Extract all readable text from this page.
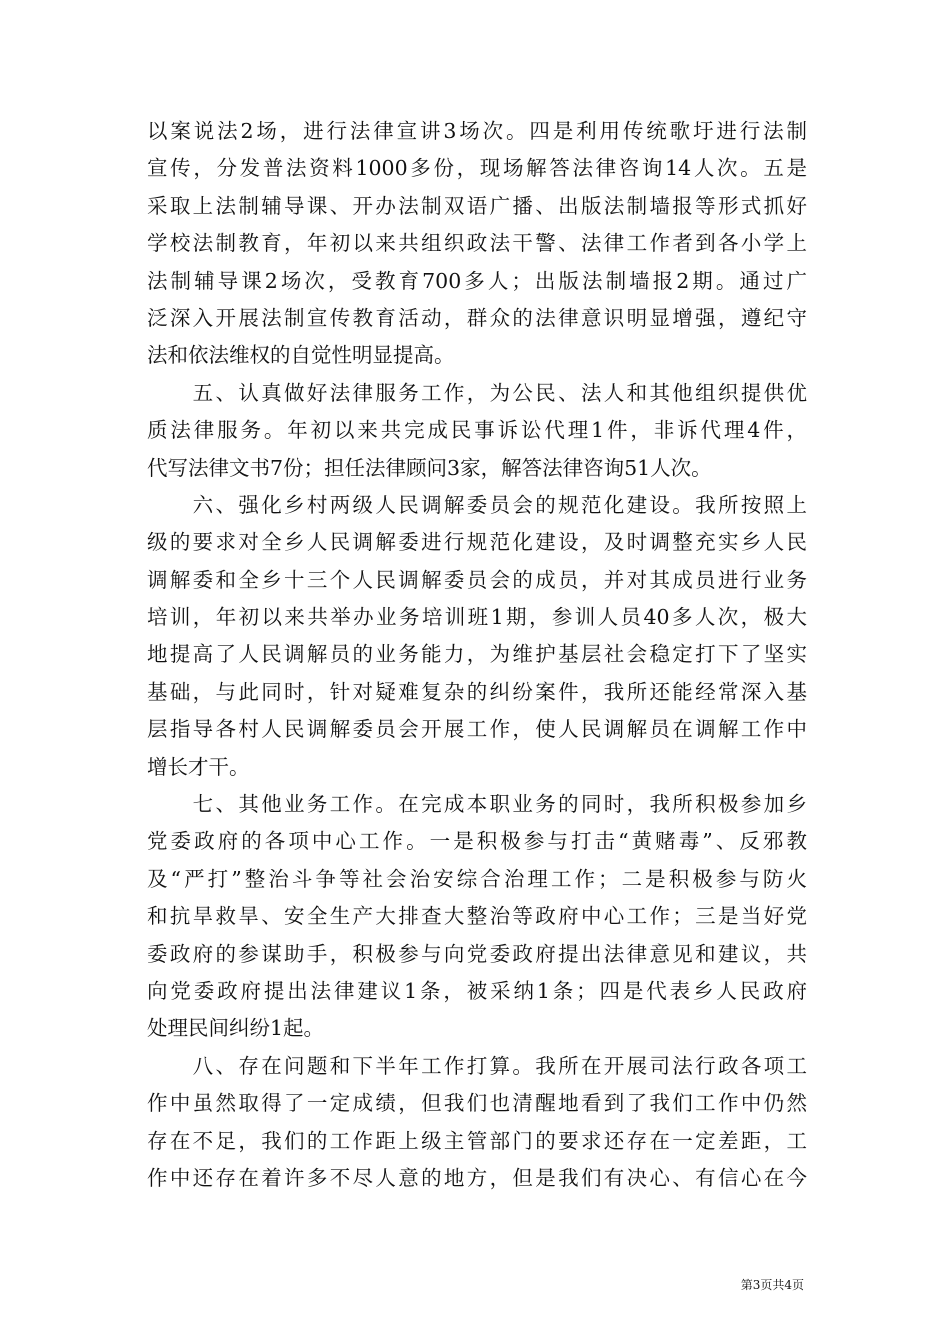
以案说法2场，进行法律宣讲3场次。四是利用传统歌圩进行法制
宣传，分发普法资料1000多份，现场解答法律咨询14人次。五是
采取上法制辅导课、开办法制双语广播、出版法制墙报等形式抓好
学校法制教育，年初以来共组织政法干警、法律工作者到各小学上
法制辅导课2场次，受教育700多人；出版法制墙报2期。通过广
泛深入开展法制宣传教育活动，群众的法律意识明显增强，遵纪守
法和依法维权的自觉性明显提高。
　　五、认真做好法律服务工作，为公民、法人和其他组织提供优
质法律服务。年初以来共完成民事诉讼代理1件，非诉代理4件，
代写法律文书7份；担任法律顾问3家，解答法律咨询51人次。
　　六、强化乡村两级人民调解委员会的规范化建设。我所按照上
级的要求对全乡人民调解委进行规范化建设，及时调整充实乡人民
调解委和全乡十三个人民调解委员会的成员，并对其成员进行业务
培训，年初以来共举办业务培训班1期，参训人员40多人次，极大
地提高了人民调解员的业务能力，为维护基层社会稳定打下了坚实
基础，与此同时，针对疑难复杂的纠纷案件，我所还能经常深入基
层指导各村人民调解委员会开展工作，使人民调解员在调解工作中
增长才干。
　　七、其他业务工作。在完成本职业务的同时，我所积极参加乡
党委政府的各项中心工作。一是积极参与打击“黄赌毒”、反邪教
及“严打”整治斗争等社会治安综合治理工作；二是积极参与防火
和抗旱救旱、安全生产大排查大整治等政府中心工作；三是当好党
委政府的参谋助手，积极参与向党委政府提出法律意见和建议，共
向党委政府提出法律建议1条，被采纳1条；四是代表乡人民政府
处理民间纠纷1起。
　　八、存在问题和下半年工作打算。我所在开展司法行政各项工
作中虽然取得了一定成绩，但我们也清醒地看到了我们工作中仍然
存在不足，我们的工作距上级主管部门的要求还存在一定差距，工
作中还存在着许多不尽人意的地方，但是我们有决心、有信心在今
第3页共4页
